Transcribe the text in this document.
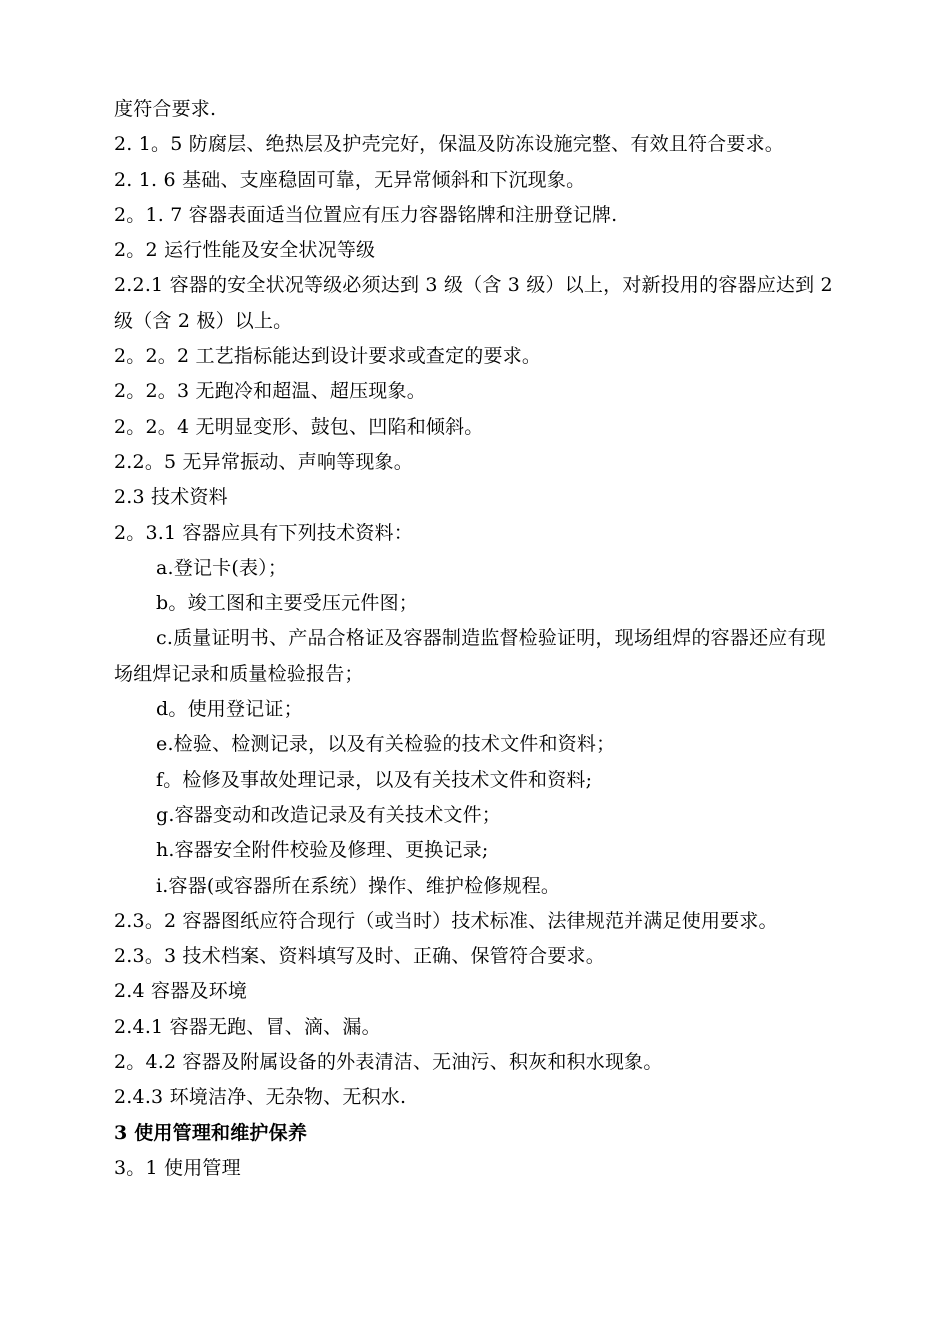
度符合要求.

2. 1。5 防腐层、绝热层及护壳完好，保温及防冻设施完整、有效且符合要求。

2. 1. 6 基础、支座稳固可靠，无异常倾斜和下沉现象。

2。1. 7 容器表面适当位置应有压力容器铭牌和注册登记牌.

2。2 运行性能及安全状况等级

2.2.1 容器的安全状况等级必须达到 3 级（含 3 级）以上，对新投用的容器应达到 2 级（含 2 极）以上。

2。2。2 工艺指标能达到设计要求或查定的要求。

2。2。3 无跑冷和超温、超压现象。

2。2。4 无明显变形、鼓包、凹陷和倾斜。

2.2。5 无异常振动、声响等现象。

2.3 技术资料

2。3.1 容器应具有下列技术资料：

a.登记卡(表）；

b。竣工图和主要受压元件图；

c.质量证明书、产品合格证及容器制造监督检验证明，现场组焊的容器还应有现场组焊记录和质量检验报告；

d。使用登记证；

e.检验、检测记录，以及有关检验的技术文件和资料；

f。检修及事故处理记录，以及有关技术文件和资料;

g.容器变动和改造记录及有关技术文件；

h.容器安全附件校验及修理、更换记录;

i.容器(或容器所在系统）操作、维护检修规程。

2.3。2 容器图纸应符合现行（或当时）技术标准、法律规范并满足使用要求。

2.3。3 技术档案、资料填写及时、正确、保管符合要求。

2.4 容器及环境

2.4.1 容器无跑、冒、滴、漏。

2。4.2 容器及附属设备的外表清洁、无油污、积灰和积水现象。

2.4.3 环境洁净、无杂物、无积水.

3 使用管理和维护保养

3。1 使用管理
